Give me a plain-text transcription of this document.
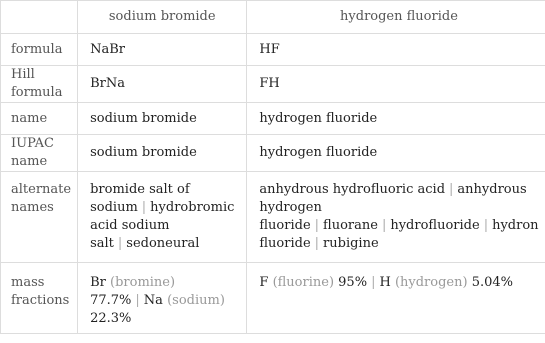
	sodium bromide	hydrogen fluoride
formula	NaBr	HF
Hill formula	BrNa	FH
name	sodium bromide	hydrogen fluoride
IUPAC name	sodium bromide	hydrogen fluoride
alternate names	bromide salt of sodium | hydrobromic acid sodium salt | sedoneural	anhydrous hydrofluoric acid | anhydrous hydrogen fluoride | fluorane | hydrofluoride | hydron fluoride | rubigine
mass fractions	Br (bromine) 77.7% | Na (sodium) 22.3%	F (fluorine) 95% | H (hydrogen) 5.04%
